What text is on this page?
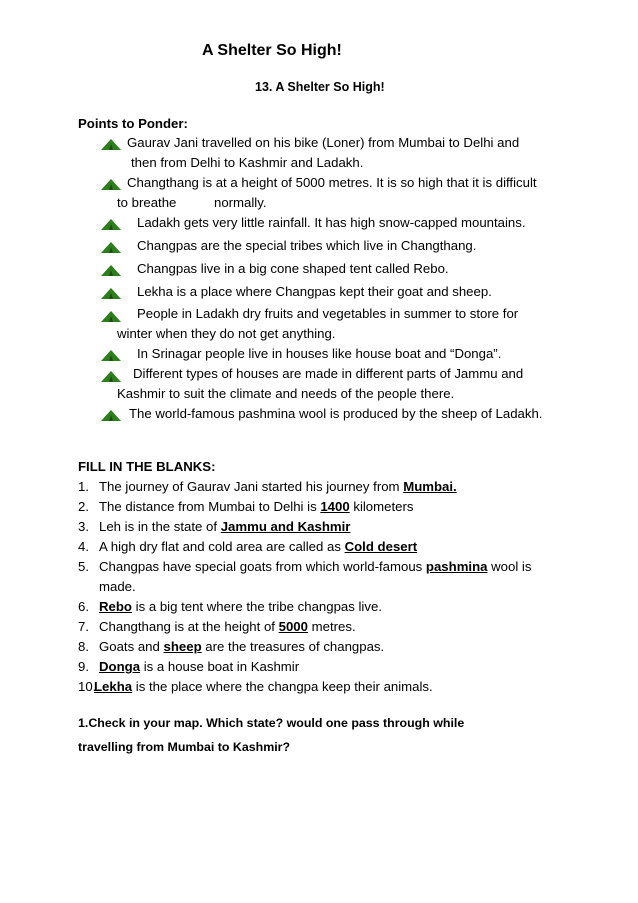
A Shelter So High!
13. A Shelter So High!
Points to Ponder:
Gaurav Jani travelled on his bike (Loner) from Mumbai to Delhi and
then from Delhi to Kashmir and Ladakh.
Changthang is at a height of 5000 metres. It is so high that it is difficult
to breathe	normally.
Ladakh gets very little rainfall. It has high snow-capped mountains.
Changpas are the special tribes which live in Changthang.
Changpas live in a big cone shaped tent called Rebo.
Lekha is a place where Changpas kept their goat and sheep.
People in Ladakh dry fruits and vegetables in summer to store for
winter when they do not get anything.
In Srinagar people live in houses like house boat and “Donga”.
Different types of houses are made in different parts of Jammu and
Kashmir to suit the climate and needs of the people there.
The world-famous pashmina wool is produced by the sheep of Ladakh.
FILL IN THE BLANKS:
1. The journey of Gaurav Jani started his journey from Mumbai.
2. The distance from Mumbai to Delhi is 1400 kilometers
3. Leh is in the state of Jammu and Kashmir
4. A high dry flat and cold area are called as Cold desert
5. Changpas have special goats from which world-famous pashmina wool is
made.
6. Rebo is a big tent where the tribe changpas live.
7. Changthang is at the height of 5000 metres.
8. Goats and sheep are the treasures of changpas.
9. Donga is a house boat in Kashmir
10.
Lekha is the place where the changpa keep their animals.
1.Check in your map. Which state? would one pass through while
travelling from Mumbai to Kashmir?
